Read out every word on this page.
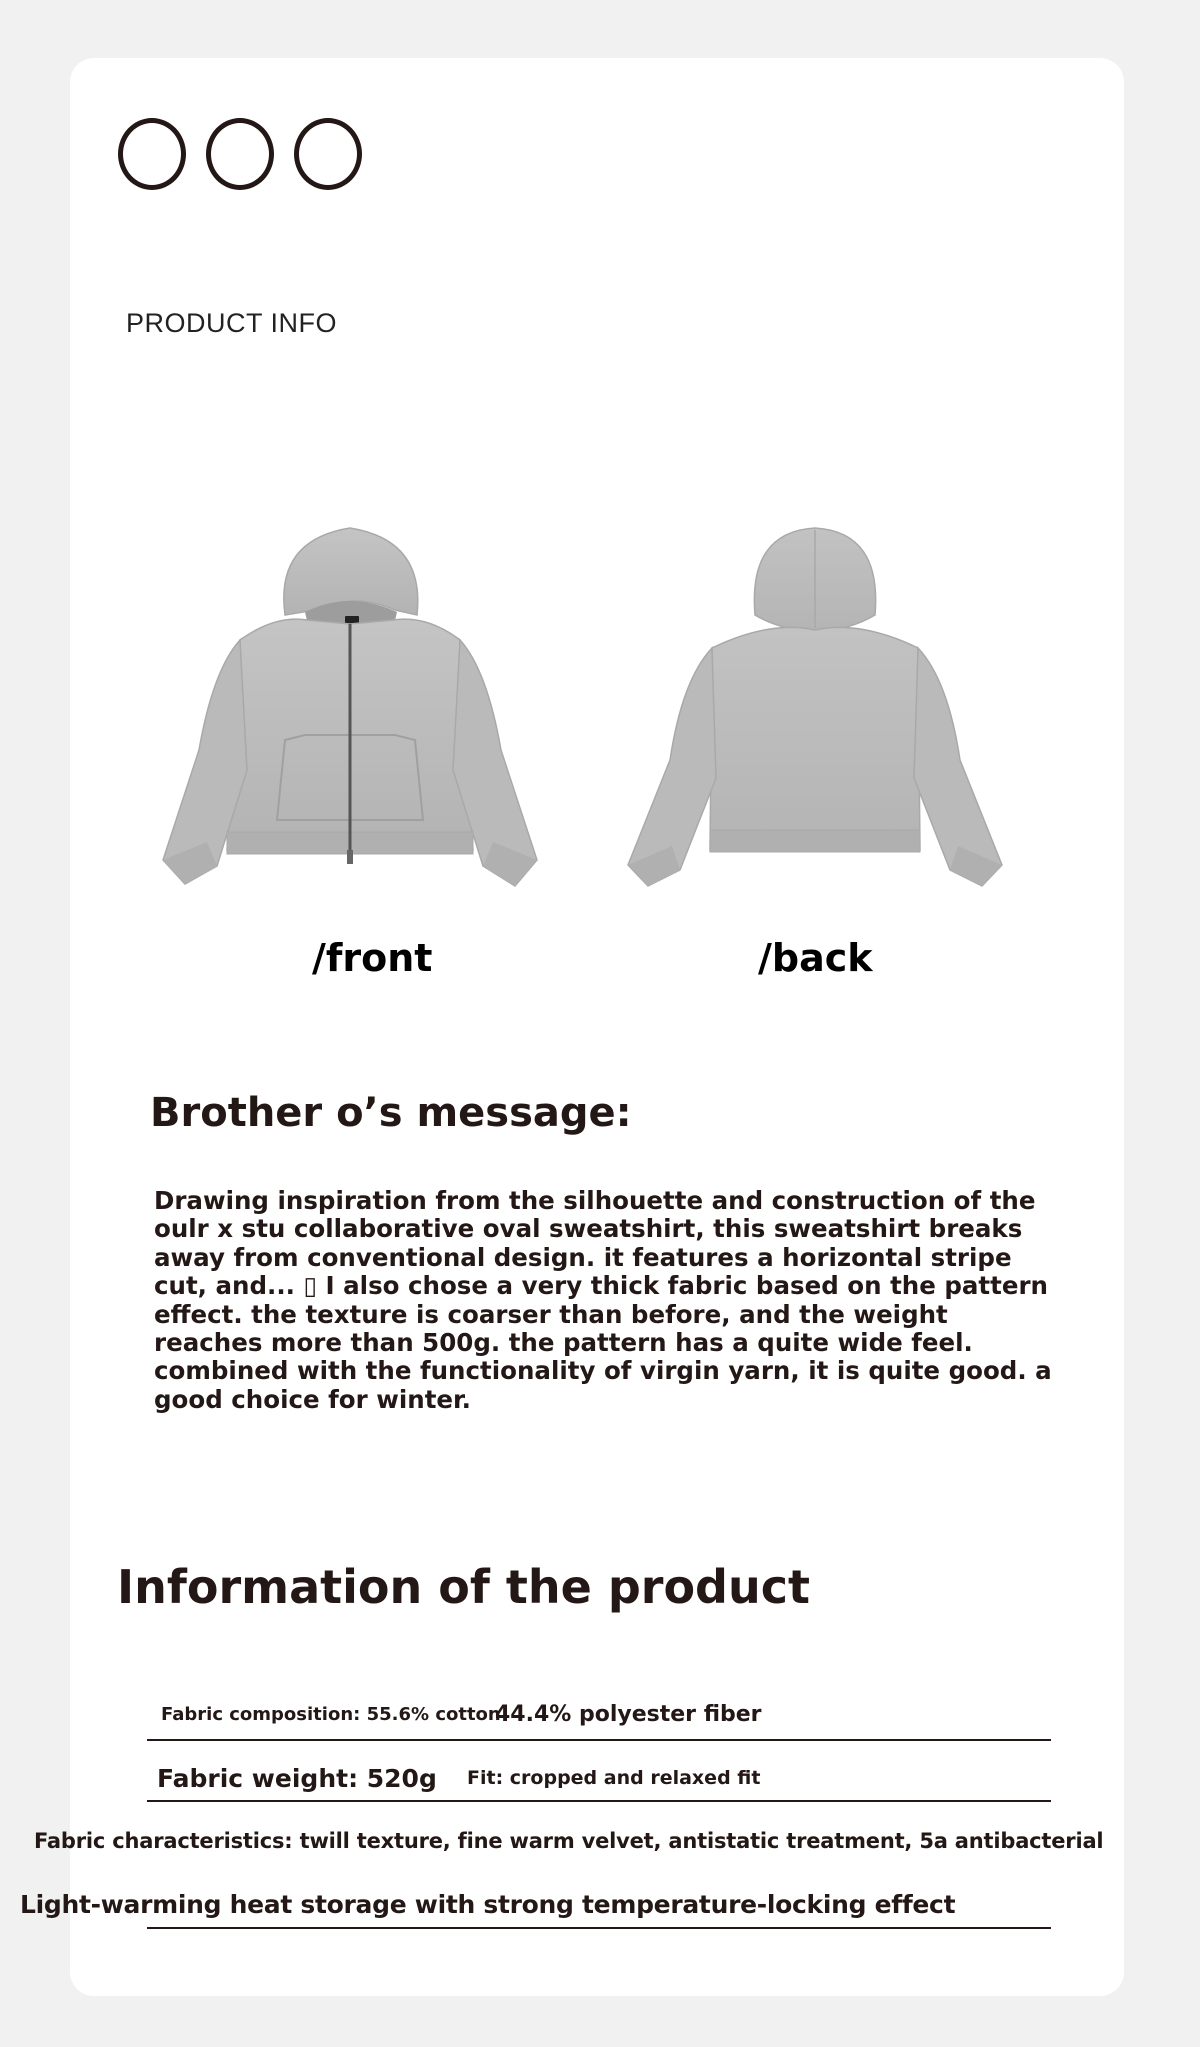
PRODUCT INFO
/front	/back
Brother o’s message:
Drawing inspiration from the silhouette and construction of the oulr x stu collaborative oval sweatshirt, this sweatshirt breaks away from conventional design. it features a horizontal stripe cut, and... ▯ I also chose a very thick fabric based on the pattern effect. the texture is coarser than before, and the weight reaches more than 500g. the pattern has a quite wide feel. combined with the functionality of virgin yarn, it is quite good. a good choice for winter.
Information of the product
Fabric composition: 55.6% cotton
44.4% polyester fiber
Fabric weight: 520g Fit: cropped and relaxed fit
Fabric characteristics: twill texture, fine warm velvet, antistatic treatment, 5a antibacterial
Light-warming heat storage with strong temperature-locking effect
